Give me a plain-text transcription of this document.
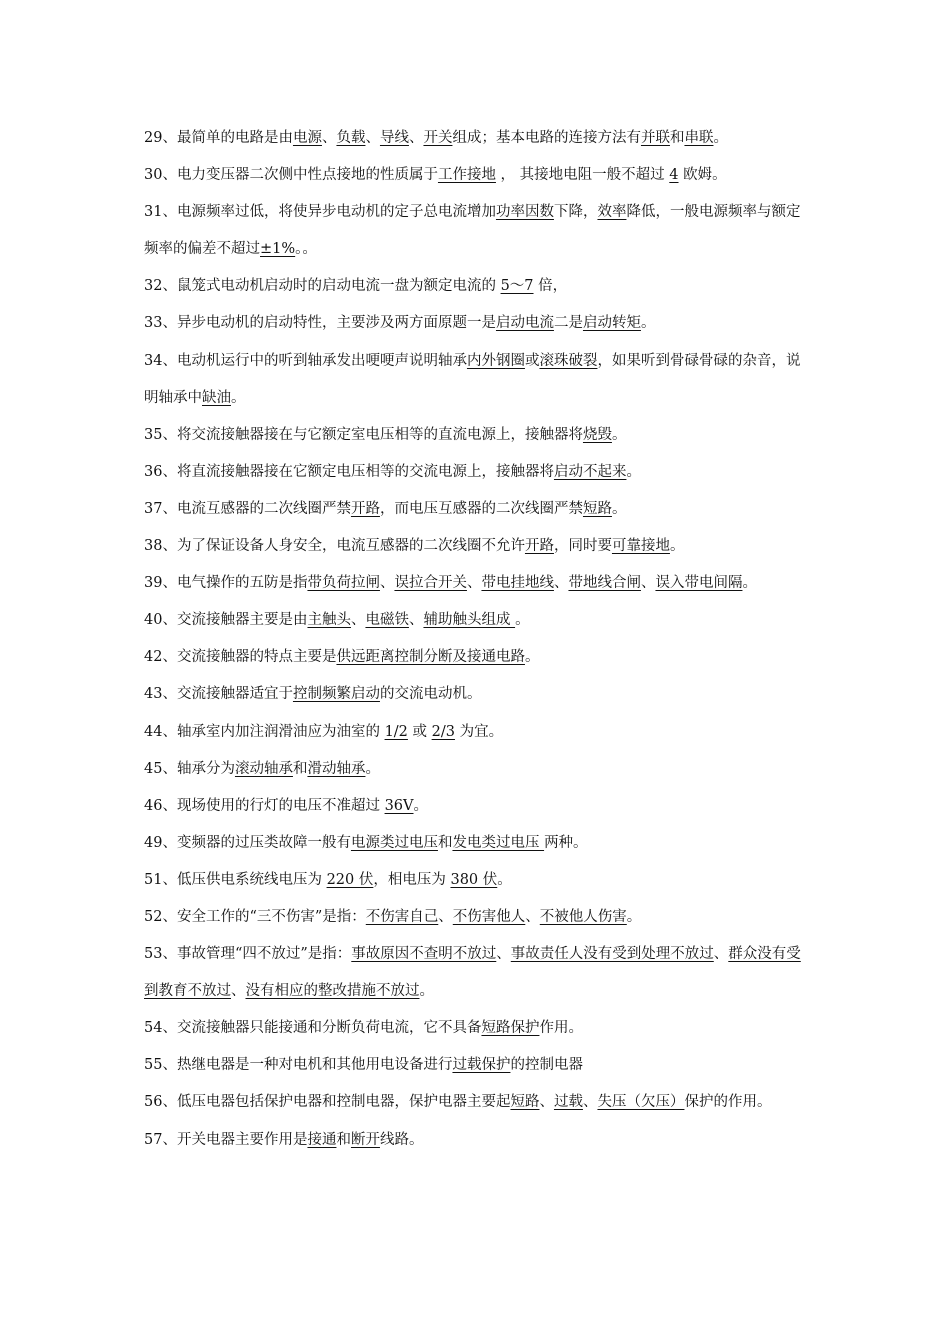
29、最简单的电路是由电源、负载、导线、开关组成；基本电路的连接方法有并联和串联。

30、电力变压器二次侧中性点接地的性质属于工作接地 ， 其接地电阻一般不超过 4 欧姆。

31、电源频率过低，将使异步电动机的定子总电流增加功率因数下降，效率降低，一般电源频率与额定频率的偏差不超过±1%。。

32、鼠笼式电动机启动时的启动电流一盘为额定电流的 5～7 倍，

33、异步电动机的启动特性，主要涉及两方面原题一是启动电流二是启动转矩。

34、电动机运行中的听到轴承发出哽哽声说明轴承内外钢圈或滚珠破裂，如果听到骨碌骨碌的杂音，说明轴承中缺油。

35、将交流接触器接在与它额定室电压相等的直流电源上，接触器将烧毁。

36、将直流接触器接在它额定电压相等的交流电源上，接触器将启动不起来。

37、电流互感器的二次线圈严禁开路，而电压互感器的二次线圈严禁短路。

38、为了保证设备人身安全，电流互感器的二次线圈不允许开路，同时要可靠接地。

39、电气操作的五防是指带负荷拉闸、误拉合开关、带电挂地线、带地线合闸、误入带电间隔。

40、交流接触器主要是由主触头、电磁铁、辅助触头组成 。

42、交流接触器的特点主要是供远距离控制分断及接通电路。

43、交流接触器适宜于控制频繁启动的交流电动机。

44、轴承室内加注润滑油应为油室的 1/2 或 2/3 为宜。

45、轴承分为滚动轴承和滑动轴承。

46、现场使用的行灯的电压不准超过 36V。

49、变频器的过压类故障一般有电源类过电压和发电类过电压 两种。

51、低压供电系统线电压为 220 伏，相电压为 380 伏。

52、安全工作的“三不伤害”是指：不伤害自己、不伤害他人、不被他人伤害。

53、事故管理“四不放过”是指：事故原因不查明不放过、事故责任人没有受到处理不放过、群众没有受到教育不放过、没有相应的整改措施不放过。

54、交流接触器只能接通和分断负荷电流，它不具备短路保护作用。

55、热继电器是一种对电机和其他用电设备进行过载保护的控制电器

56、低压电器包括保护电器和控制电器，保护电器主要起短路、过载、失压（欠压）保护的作用。

57、开关电器主要作用是接通和断开线路。
